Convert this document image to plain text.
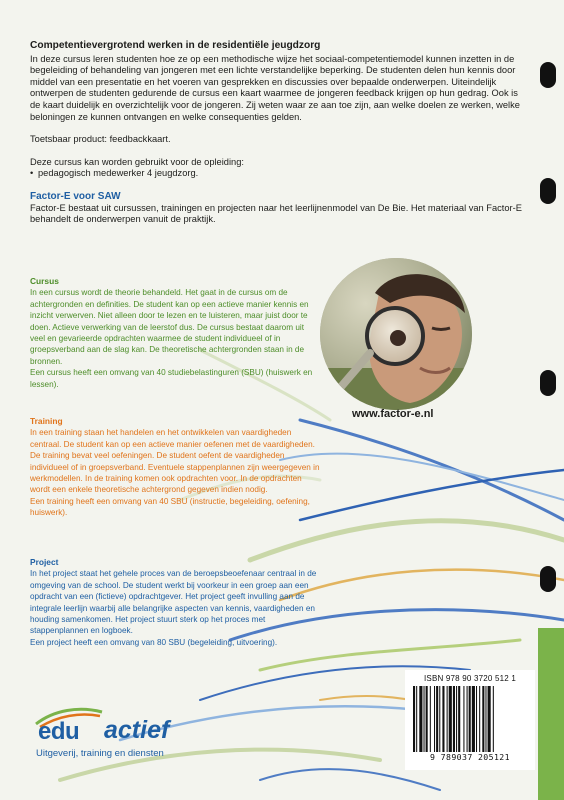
Competentievergrotend werken in de residentiële jeugdzorg

In deze cursus leren studenten hoe ze op een methodische wijze het sociaal-competentiemodel kunnen inzetten in de begeleiding of behandeling van jongeren met een lichte verstandelijke beperking. De studenten delen hun kennis door middel van een presentatie en het voeren van gesprekken en discussies over bepaalde onderwerpen. Uiteindelijk ontwerpen de studenten gedurende de cursus een kaart waarmee de jongeren feedback krijgen op hun gedrag. Ook is de kaart duidelijk en overzichtelijk voor de jongeren. Zij weten waar ze aan toe zijn, aan welke doelen ze werken, welke beloningen ze kunnen ontvangen en welke consequenties gelden.

Toetsbaar product: feedbackkaart.

Deze cursus kan worden gebruikt voor de opleiding:

• pedagogisch medewerker 4 jeugdzorg.
Factor-E voor SAW

Factor-E bestaat uit cursussen, trainingen en projecten naar het leerlijnenmodel van De Bie. Het materiaal van Factor-E behandelt de onderwerpen vanuit de praktijk.

Cursus

In een cursus wordt de theorie behandeld. Het gaat in de cursus om de achtergronden en definities. De student kan op een actieve manier kennis en inzicht verwerven. Niet alleen door te lezen en te luisteren, maar juist door te doen. Actieve verwerking van de leerstof dus. De cursus bestaat daarom uit veel en gevarieerde opdrachten waarmee de student individueel of in groepsverband aan de slag kan. De theoretische achtergronden staan in de bronnen.

Een cursus heeft een omvang van 40 studiebelastinguren (SBU) (huiswerk en lessen).

Training

In een training staan het handelen en het ontwikkelen van vaardigheden centraal. De student kan op een actieve manier oefenen met de vaardigheden. De training bevat veel oefeningen. De student oefent de vaardigheden individueel of in groepsverband. Eventuele stappenplannen zijn weergegeven in werkmodellen. In de training komen ook opdrachten voor. In de opdrachten wordt een enkele theoretische achtergrond gegeven indien nodig.

Een training heeft een omvang van 40 SBU (instructie, begeleiding, oefening, huiswerk).

Project

In het project staat het gehele proces van de beroepsbeoefenaar centraal in de omgeving van de school. De student werkt bij voorkeur in een groep aan een opdracht van een (fictieve) opdrachtgever. Het project geeft invulling aan de integrale leerlijn waarbij alle belangrijke aspecten van kennis, vaardigheden en houding samenkomen. Het project stuurt sterk op het proces met stappenplannen en logboek.

Een project heeft een omvang van 80 SBU (begeleiding, uitvoering).

www.factor-e.nl
edu actief
Uitgeverij, training en diensten
ISBN 978 90 3720 512 1
9 789037 205121
